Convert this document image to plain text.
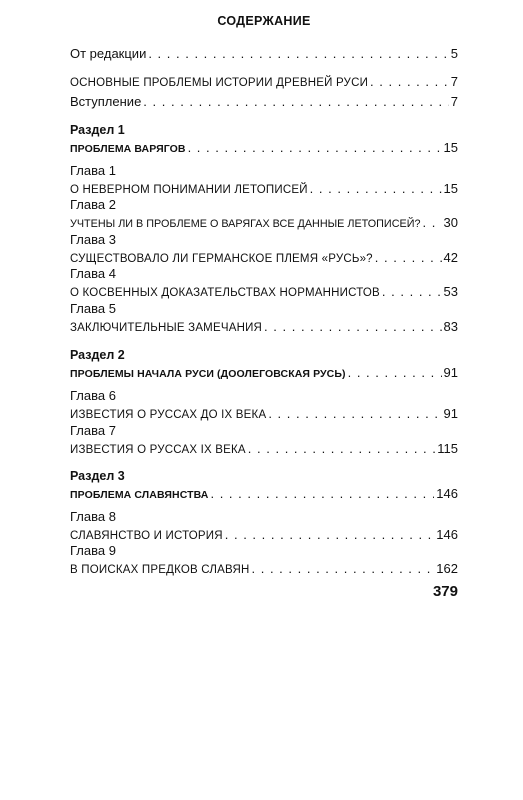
СОДЕРЖАНИЕ
От редакции . . .	5
ОСНОВНЫЕ ПРОБЛЕМЫ ИСТОРИИ ДРЕВНЕЙ РУСИ . . .	7
Вступление . . .	7
Раздел 1
ПРОБЛЕМА ВАРЯГОВ . . .	15
Глава 1
О НЕВЕРНОМ ПОНИМАНИИ ЛЕТОПИСЕЙ . . .	15
Глава 2
УЧТЕНЫ ЛИ В ПРОБЛЕМЕ О ВАРЯГАХ ВСЕ ДАННЫЕ ЛЕТОПИСЕЙ? . . . 30
Глава 3
СУЩЕСТВОВАЛО ЛИ ГЕРМАНСКОЕ ПЛЕМЯ «РУСЬ»? . . .	42
Глава 4
О КОСВЕННЫХ ДОКАЗАТЕЛЬСТВАХ НОРМАННИСТОВ . . .	53
Глава 5
ЗАКЛЮЧИТЕЛЬНЫЕ ЗАМЕЧАНИЯ . . .	83
Раздел 2
ПРОБЛЕМЫ НАЧАЛА РУСИ (ДООЛЕГОВСКАЯ РУСЬ) . . .	91
Глава 6
ИЗВЕСТИЯ О РУССАХ ДО IX ВЕКА . . .	91
Глава 7
ИЗВЕСТИЯ О РУССАХ IX ВЕКА . . .	115
Раздел 3
ПРОБЛЕМА СЛАВЯНСТВА . . .	146
Глава 8
СЛАВЯНСТВО И ИСТОРИЯ . . .	146
Глава 9
В ПОИСКАХ ПРЕДКОВ СЛАВЯН . . .	162
379
